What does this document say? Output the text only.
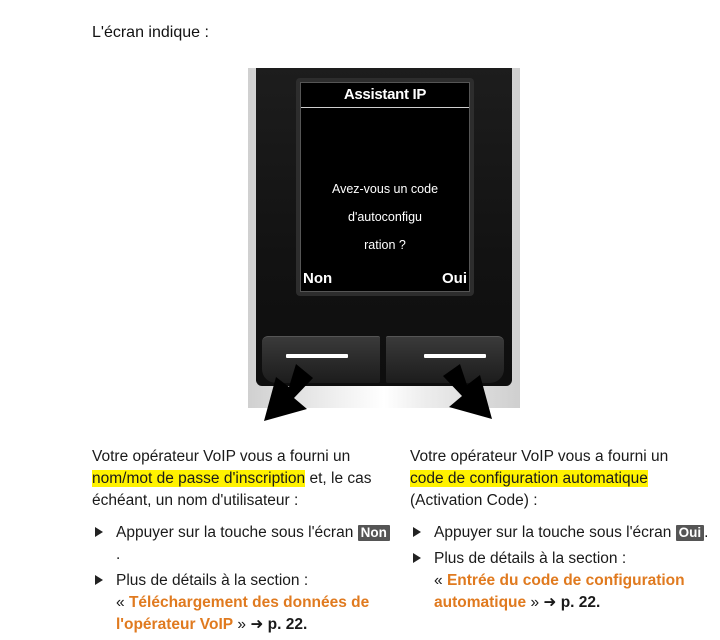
L'écran indique :
Assistant IP
Avez-vous un code
d'autoconfigu
ration ?
Non	Oui

Votre opérateur VoIP vous a fourni un nom/mot de passe d'inscription et, le cas échéant, un nom d'utilisateur :

Appuyer sur la touche sous l'écran Non.
Plus de détails à la section :
« Téléchargement des données de l'opérateur VoIP » ➜ p. 22.

Votre opérateur VoIP vous a fourni un
code de configuration automatique
(Activation Code) :

Appuyer sur la touche sous l'écran Oui .
Plus de détails à la section :
« Entrée du code de configuration automatique » ➜ p. 22.
